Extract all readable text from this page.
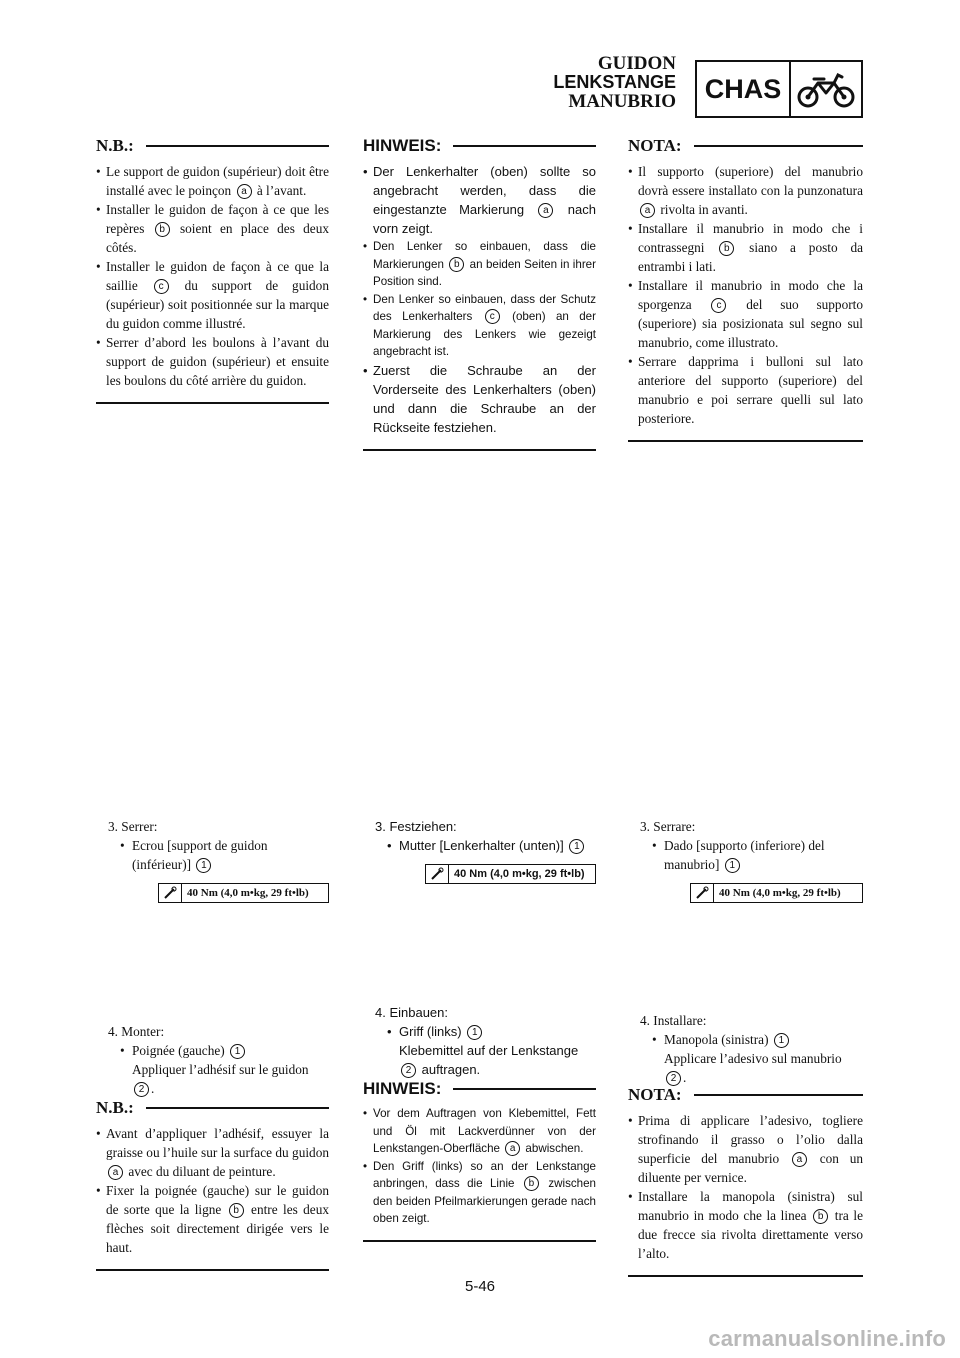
GUIDON
LENKSTANGE
MANUBRIO CHAS
N.B.:
• Le support de guidon (supérieur) doit être installé avec le poinçon a à l’avant.
• Installer le guidon de façon à ce que les repères b soient en place des deux côtés.
• Installer le guidon de façon à ce que la saillie c du support de guidon (supérieur) soit positionnée sur la marque du guidon comme illustré.
• Serrer d’abord les boulons à l’avant du support de guidon (supérieur) et ensuite les boulons du côté arrière du guidon.
3. Serrer:
• Ecrou [support de guidon (inférieur)] 1
40 Nm (4,0 m•kg, 29 ft•lb)
4. Monter:
• Poignée (gauche) 1
Appliquer l’adhésif sur le guidon 2 .
N.B.:
• Avant d’appliquer l’adhésif, essuyer la graisse ou l’huile sur la surface du guidon a avec du diluant de peinture.
• Fixer la poignée (gauche) sur le guidon de sorte que la ligne b entre les deux flèches soit directement dirigée vers le haut.
HINWEIS:
• Der Lenkerhalter (oben) sollte so angebracht werden, dass die eingestanzte Markierung a nach vorn zeigt.
• Den Lenker so einbauen, dass die Markierungen b an beiden Seiten in ihrer Position sind.
• Den Lenker so einbauen, dass der Schutz des Lenkerhalters c (oben) an der Markierung des Lenkers wie gezeigt angebracht ist.
• Zuerst die Schraube an der Vorderseite des Lenkerhalters (oben) und dann die Schraube an der Rückseite festziehen.
3. Festziehen:
• Mutter [Lenkerhalter (unten)] 1
40 Nm (4,0 m•kg, 29 ft•lb)
4. Einbauen:
• Griff (links) 1
Klebemittel auf der Lenkstange 2 auftragen.
HINWEIS:
• Vor dem Auftragen von Klebemittel, Fett und Öl mit Lackverdünner von der Lenkstangen-Oberfläche a abwischen.
• Den Griff (links) so an der Lenkstange anbringen, dass die Linie b zwischen den beiden Pfeilmarkierungen gerade nach oben zeigt.
NOTA:
• Il supporto (superiore) del manubrio dovrà essere installato con la punzonatura a rivolta in avanti.
• Installare il manubrio in modo che i contrassegni b siano a posto da entrambi i lati.
• Installare il manubrio in modo che la sporgenza c del suo supporto (superiore) sia posizionata sul segno sul manubrio, come illustrato.
• Serrare dapprima i bulloni sul lato anteriore del supporto (superiore) del manubrio e poi serrare quelli sul lato posteriore.
3. Serrare:
• Dado [supporto (inferiore) del manubrio] 1
40 Nm (4,0 m•kg, 29 ft•lb)
4. Installare:
• Manopola (sinistra) 1
Applicare l’adesivo sul manubrio 2 .
NOTA:
• Prima di applicare l’adesivo, togliere strofinando il grasso o l’olio dalla superficie del manubrio a con un diluente per vernice.
• Installare la manopola (sinistra) sul manubrio in modo che la linea b tra le due frecce sia rivolta direttamente verso l’alto.
5-46
carmanualsonline.info
